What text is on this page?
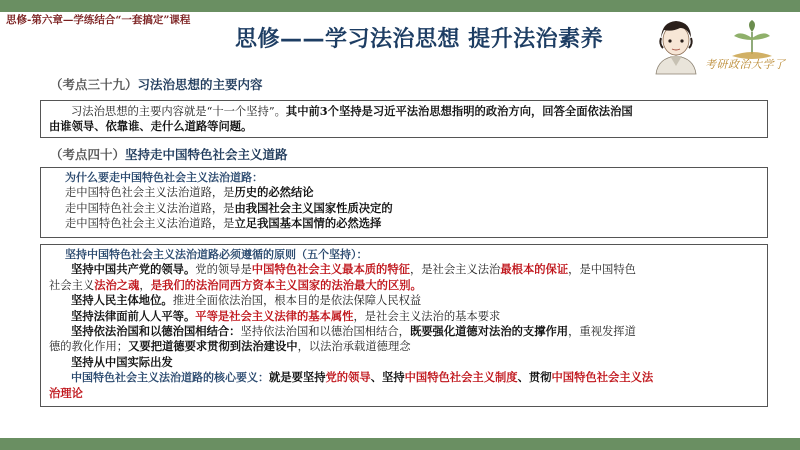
思修-第六章—学练结合“一套搞定”课程
思修——学习法治思想 提升法治素养
考研政治大学了
（考点三十九）习法治思想的主要内容
习法治思想的主要内容就是“十一个坚持”。其中前3个坚持是习近平法治思想指明的政治方向，回答全面依法治国
由谁领导、依靠谁、走什么道路等问题。
（考点四十）坚持走中国特色社会主义道路
为什么要走中国特色社会主义法治道路：
走中国特色社会主义法治道路，是历史的必然结论
走中国特色社会主义法治道路，是由我国社会主义国家性质决定的
走中国特色社会主义法治道路，是立足我国基本国情的必然选择
坚持中国特色社会主义法治道路必须遵循的原则（五个坚持）：
坚持中国共产党的领导。党的领导是中国特色社会主义最本质的特征，是社会主义法治最根本的保证，是中国特色
社会主义法治之魂，是我们的法治同西方资本主义国家的法治最大的区别。
坚持人民主体地位。推进全面依法治国，根本目的是依法保障人民权益
坚持法律面前人人平等。平等是社会主义法律的基本属性，是社会主义法治的基本要求
坚持依法治国和以德治国相结合：坚持依法治国和以德治国相结合，既要强化道德对法治的支撑作用，重视发挥道
德的教化作用；又要把道德要求贯彻到法治建设中，以法治承载道德理念
坚持从中国实际出发
中国特色社会主义法治道路的核心要义：就是要坚持党的领导、坚持中国特色社会主义制度、贯彻中国特色社会主义法
治理论
